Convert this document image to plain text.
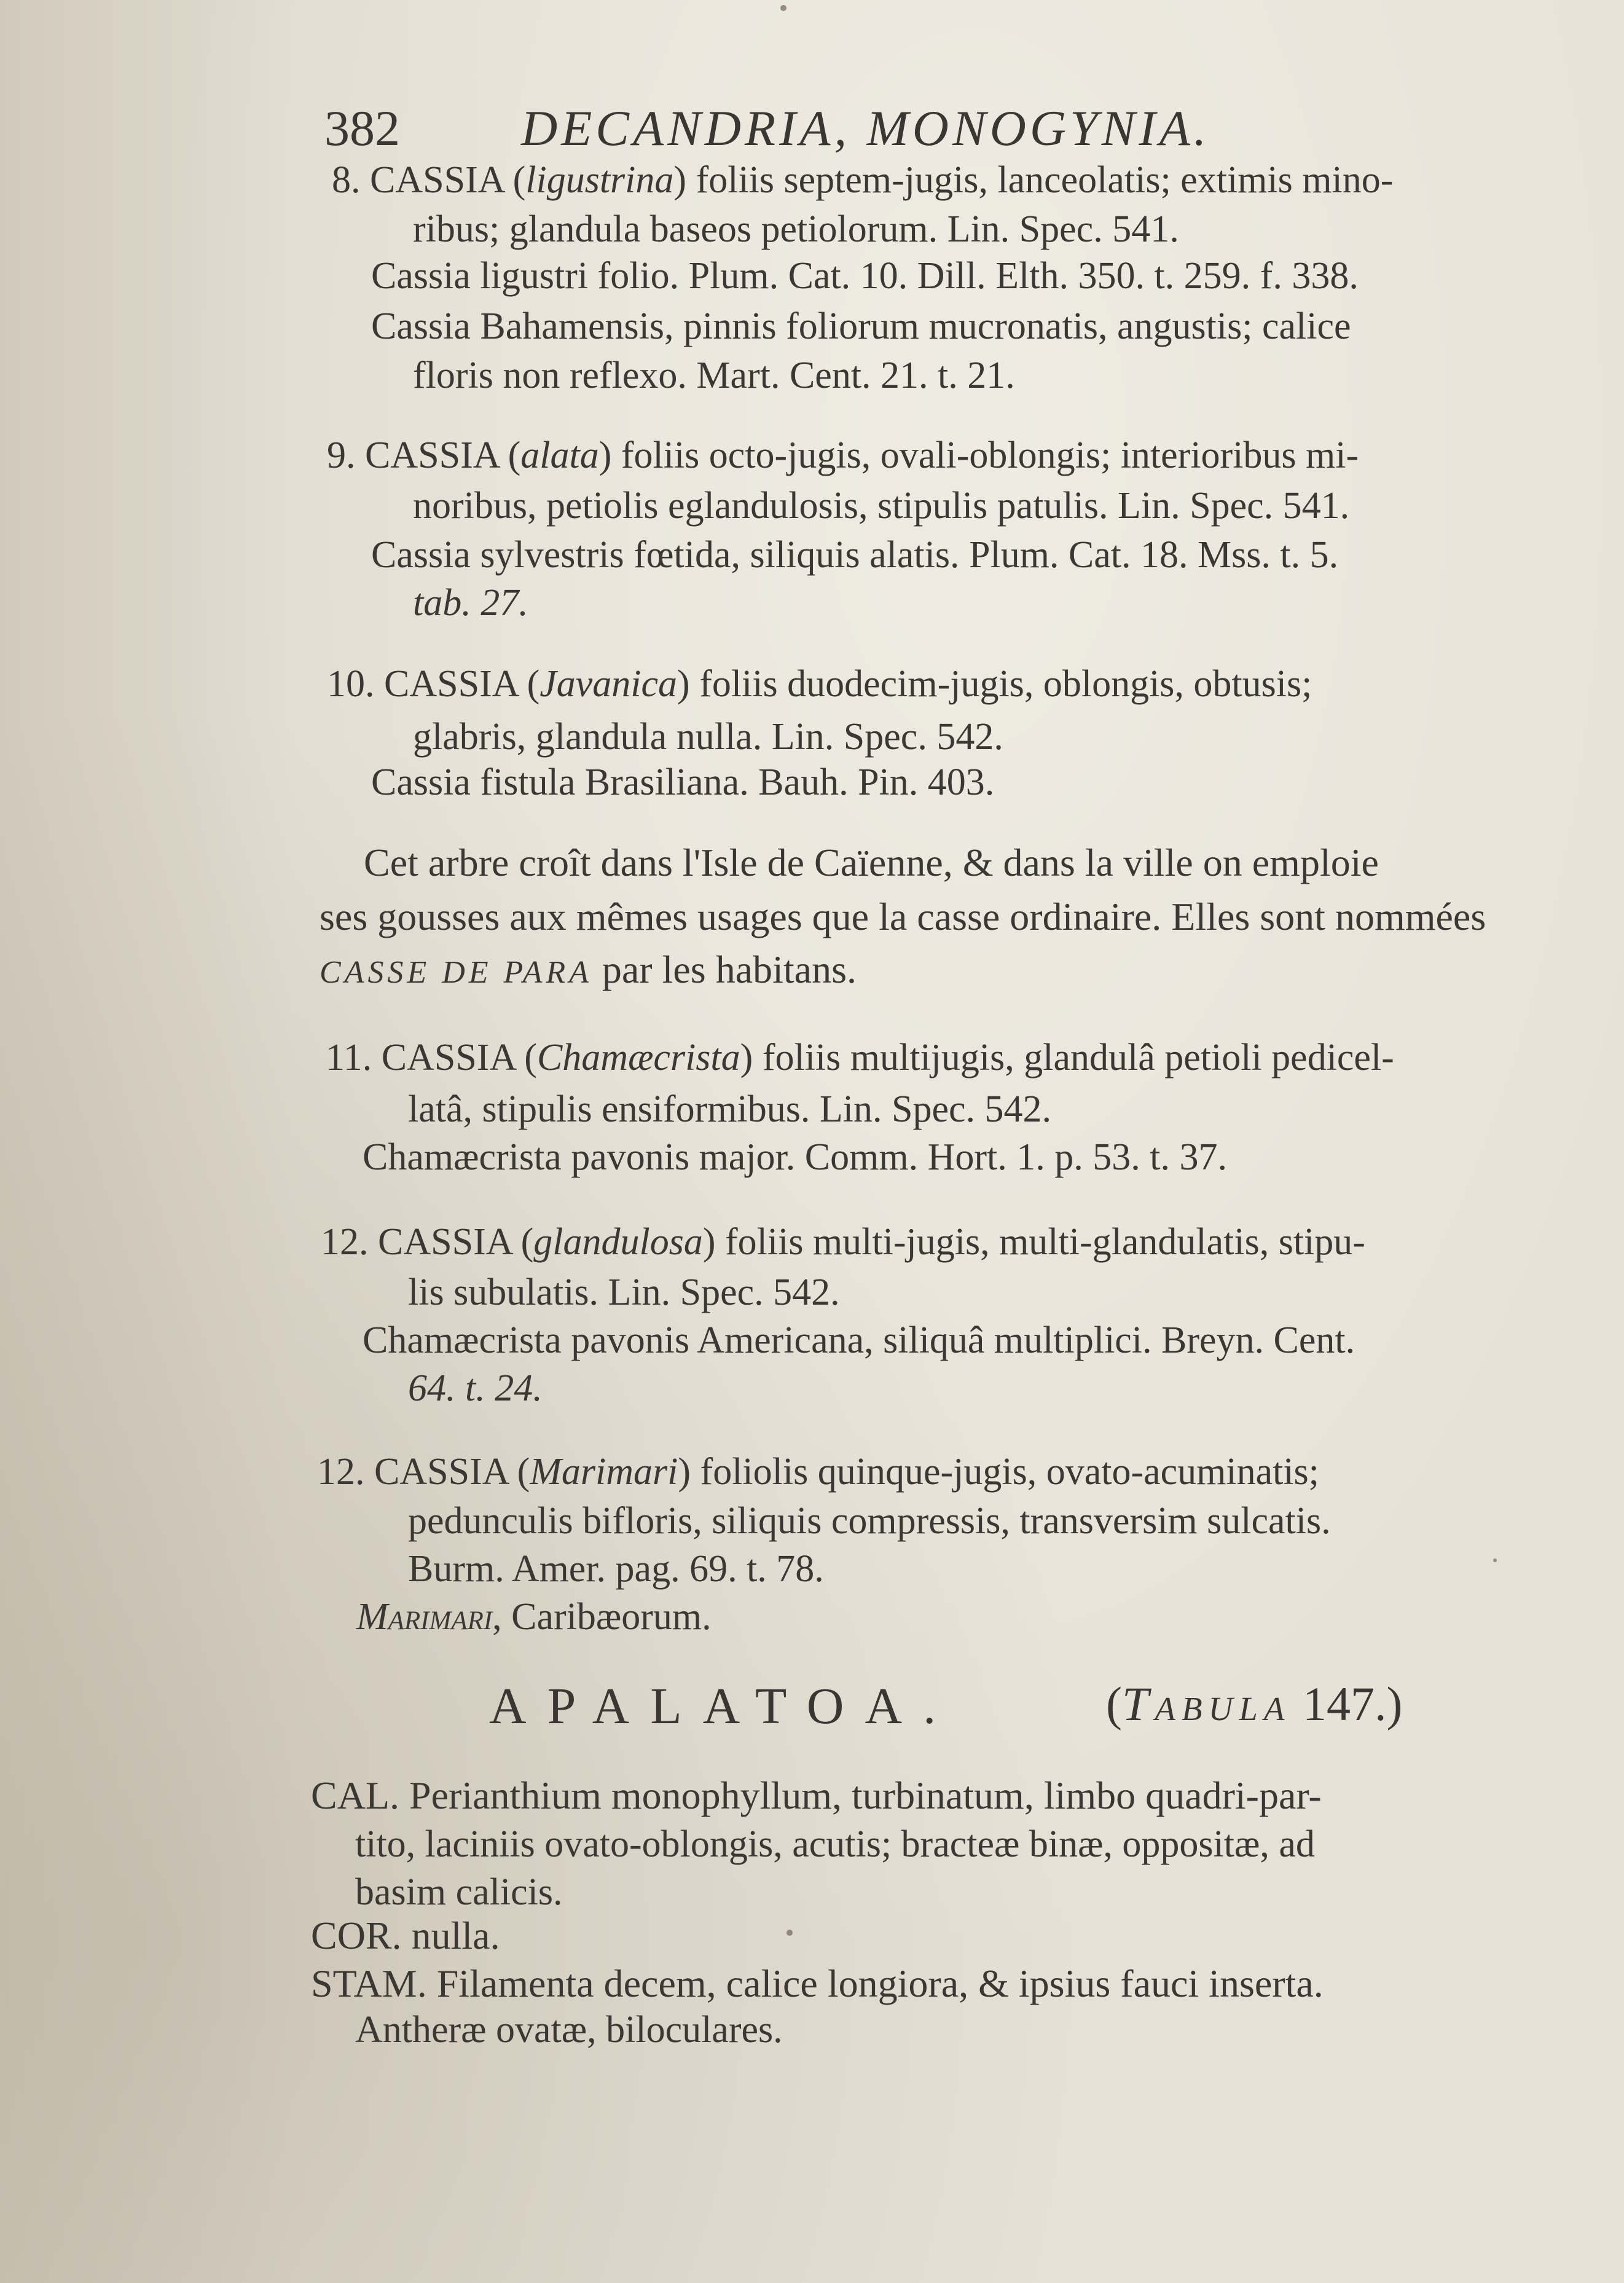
382 DECANDRIA, MONOGYNIA.
8. CASSIA (ligustrina) foliis septem-jugis, lanceolatis; extimis mino-
ribus; glandula baseos petiolorum. Lin. Spec. 541.
Cassia ligustri folio. Plum. Cat. 10. Dill. Elth. 350. t. 259. f. 338.
Cassia Bahamensis, pinnis foliorum mucronatis, angustis; calice
floris non reflexo. Mart. Cent. 21. t. 21.
9. CASSIA (alata) foliis octo-jugis, ovali-oblongis; interioribus mi-
noribus, petiolis eglandulosis, stipulis patulis. Lin. Spec. 541.
Cassia sylvestris fœtida, siliquis alatis. Plum. Cat. 18. Mss. t. 5.
tab. 27.
10. CASSIA (Javanica) foliis duodecim-jugis, oblongis, obtusis;
glabris, glandula nulla. Lin. Spec. 542.
Cassia fistula Brasiliana. Bauh. Pin. 403.
Cet arbre croît dans l'Isle de Caïenne, & dans la ville on emploie
ses gousses aux mêmes usages que la casse ordinaire. Elles sont nommées
CASSE DE PARA par les habitans.
11. CASSIA (Chamæcrista) foliis multijugis, glandulâ petioli pedicel-
latâ, stipulis ensiformibus. Lin. Spec. 542.
Chamæcrista pavonis major. Comm. Hort. 1. p. 53. t. 37.
12. CASSIA (glandulosa) foliis multi-jugis, multi-glandulatis, stipu-
lis subulatis. Lin. Spec. 542.
Chamæcrista pavonis Americana, siliquâ multiplici. Breyn. Cent.
64. t. 24.
12. CASSIA (Marimari) foliolis quinque-jugis, ovato-acuminatis;
pedunculis bifloris, siliquis compressis, transversim sulcatis.
Burm. Amer. pag. 69. t. 78.
Marimari, Caribæorum.
APALATOA.	(Tabula 147.)
CAL. Perianthium monophyllum, turbinatum, limbo quadri-par-
tito, laciniis ovato-oblongis, acutis; bracteæ binæ, oppositæ, ad
basim calicis.
COR. nulla.
STAM. Filamenta decem, calice longiora, & ipsius fauci inserta.
Antheræ ovatæ, biloculares.
